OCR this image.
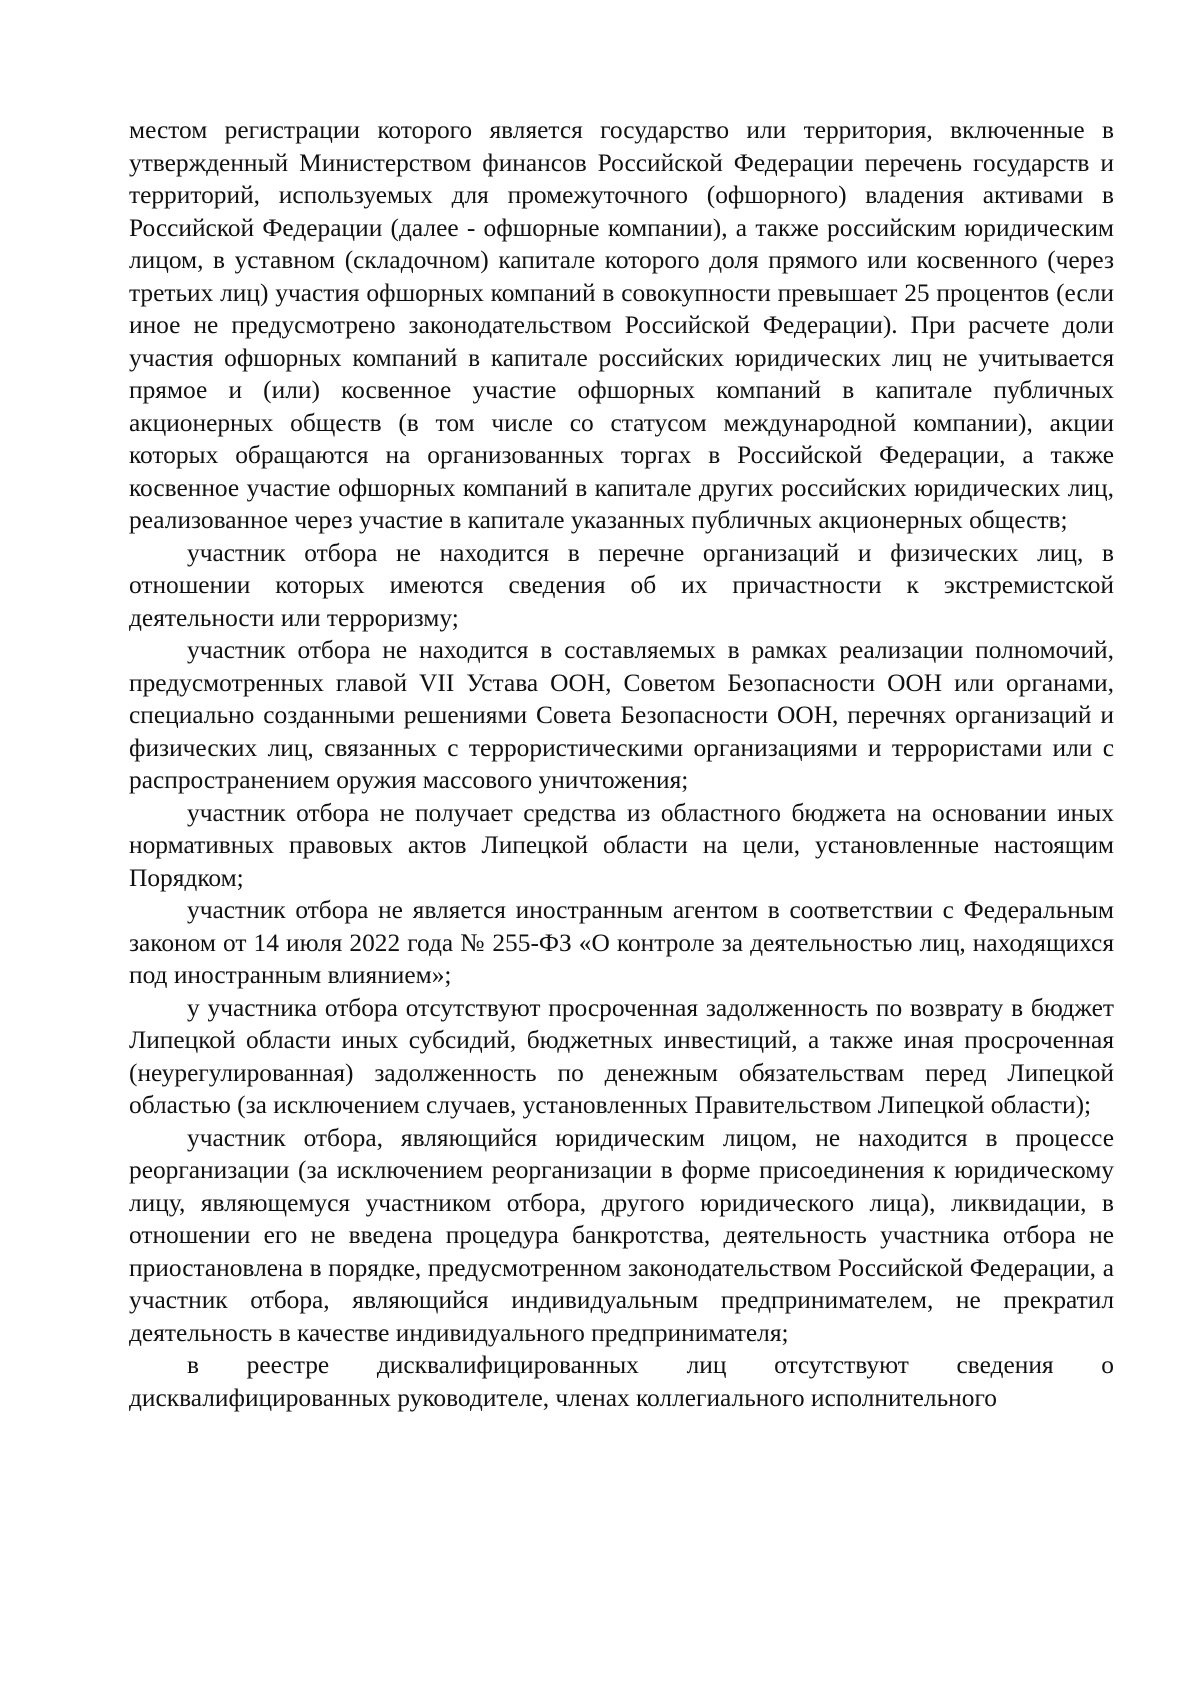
местом регистрации которого является государство или территория, включенные в утвержденный Министерством финансов Российской Федерации перечень государств и территорий, используемых для промежуточного (офшорного) владения активами в Российской Федерации (далее - офшорные компании), а также российским юридическим лицом, в уставном (складочном) капитале которого доля прямого или косвенного (через третьих лиц) участия офшорных компаний в совокупности превышает 25 процентов (если иное не предусмотрено законодательством Российской Федерации). При расчете доли участия офшорных компаний в капитале российских юридических лиц не учитывается прямое и (или) косвенное участие офшорных компаний в капитале публичных акционерных обществ (в том числе со статусом международной компании), акции которых обращаются на организованных торгах в Российской Федерации, а также косвенное участие офшорных компаний в капитале других российских юридических лиц, реализованное через участие в капитале указанных публичных акционерных обществ;

участник отбора не находится в перечне организаций и физических лиц, в отношении которых имеются сведения об их причастности к экстремистской деятельности или терроризму;

участник отбора не находится в составляемых в рамках реализации полномочий, предусмотренных главой VII Устава ООН, Советом Безопасности ООН или органами, специально созданными решениями Совета Безопасности ООН, перечнях организаций и физических лиц, связанных с террористическими организациями и террористами или с распространением оружия массового уничтожения;

участник отбора не получает средства из областного бюджета на основании иных нормативных правовых актов Липецкой области на цели, установленные настоящим Порядком;

участник отбора не является иностранным агентом в соответствии с Федеральным законом от 14 июля 2022 года № 255-ФЗ «О контроле за деятельностью лиц, находящихся под иностранным влиянием»;

у участника отбора отсутствуют просроченная задолженность по возврату в бюджет Липецкой области иных субсидий, бюджетных инвестиций, а также иная просроченная (неурегулированная) задолженность по денежным обязательствам перед Липецкой областью (за исключением случаев, установленных Правительством Липецкой области);

участник отбора, являющийся юридическим лицом, не находится в процессе реорганизации (за исключением реорганизации в форме присоединения к юридическому лицу, являющемуся участником отбора, другого юридического лица), ликвидации, в отношении его не введена процедура банкротства, деятельность участника отбора не приостановлена в порядке, предусмотренном законодательством Российской Федерации, а участник отбора, являющийся индивидуальным предпринимателем, не прекратил деятельность в качестве индивидуального предпринимателя;

в реестре дисквалифицированных лиц отсутствуют сведения о дисквалифицированных руководителе, членах коллегиального исполнительного
